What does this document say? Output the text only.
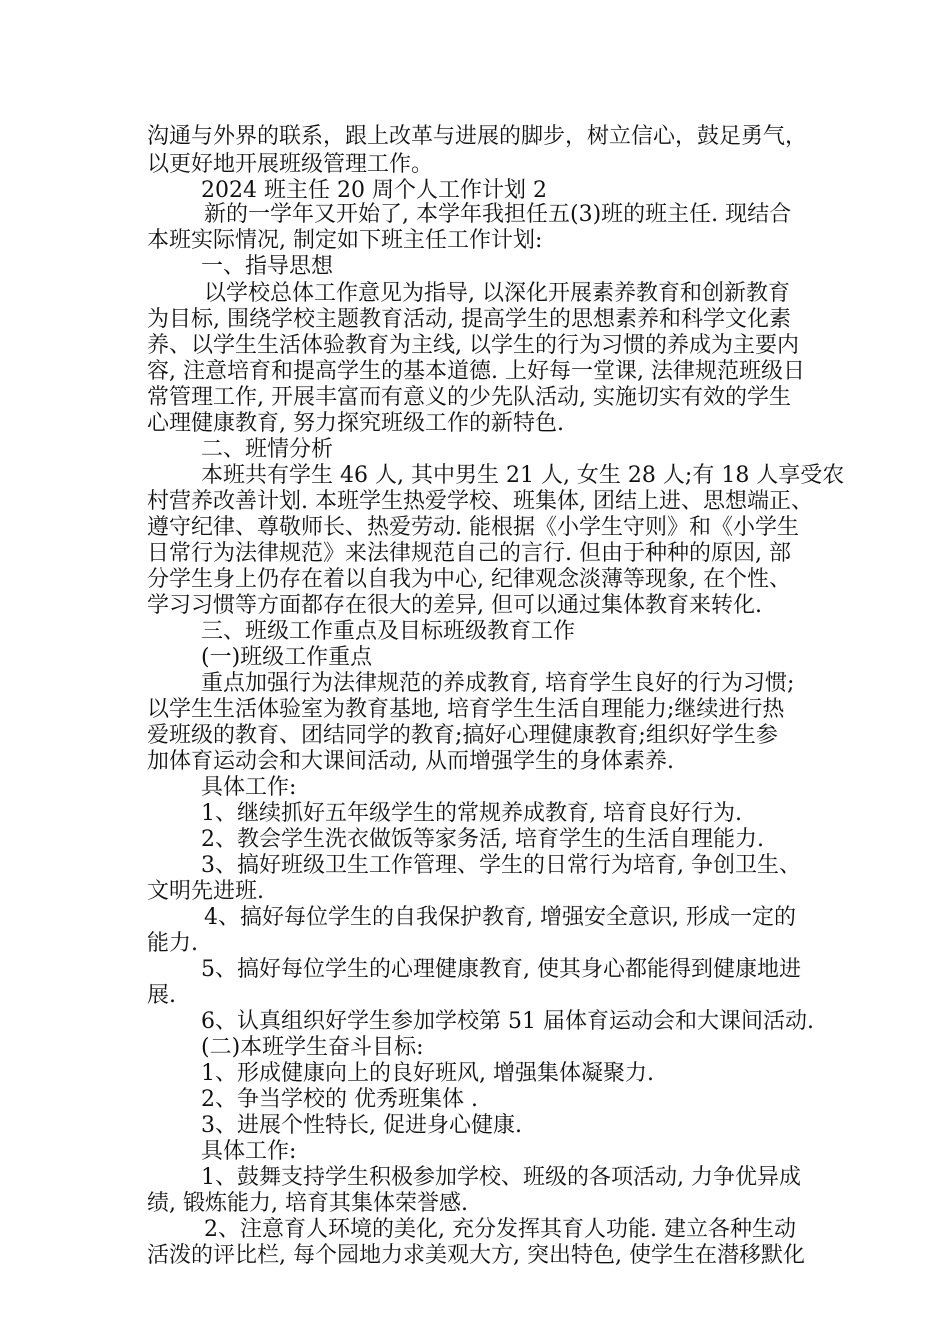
沟通与外界的联系，跟上改革与进展的脚步，树立信心，鼓足勇气，
以更好地开展班级管理工作。
2024 班主任 20 周个人工作计划 2
新的一学年又开始了, 本学年我担任五(3)班的班主任. 现结合
本班实际情况, 制定如下班主任工作计划:
一、指导思想
以学校总体工作意见为指导, 以深化开展素养教育和创新教育
为目标, 围绕学校主题教育活动, 提高学生的思想素养和科学文化素
养、以学生生活体验教育为主线, 以学生的行为习惯的养成为主要内
容, 注意培育和提高学生的基本道德. 上好每一堂课, 法律规范班级日
常管理工作, 开展丰富而有意义的少先队活动, 实施切实有效的学生
心理健康教育, 努力探究班级工作的新特色.
二、班情分析
本班共有学生 46 人, 其中男生 21 人, 女生 28 人;有 18 人享受农
村营养改善计划. 本班学生热爱学校、班集体, 团结上进、思想端正、
遵守纪律、尊敬师长、热爱劳动. 能根据《小学生守则》和《小学生
日常行为法律规范》来法律规范自己的言行. 但由于种种的原因, 部
分学生身上仍存在着以自我为中心, 纪律观念淡薄等现象, 在个性、
学习习惯等方面都存在很大的差异, 但可以通过集体教育来转化.
三、班级工作重点及目标班级教育工作
(一)班级工作重点
重点加强行为法律规范的养成教育, 培育学生良好的行为习惯;
以学生生活体验室为教育基地, 培育学生生活自理能力;继续进行热
爱班级的教育、团结同学的教育;搞好心理健康教育;组织好学生参
加体育运动会和大课间活动, 从而增强学生的身体素养.
具体工作:
1、继续抓好五年级学生的常规养成教育, 培育良好行为.
2、教会学生洗衣做饭等家务活, 培育学生的生活自理能力.
3、搞好班级卫生工作管理、学生的日常行为培育, 争创卫生、
文明先进班.
4、搞好每位学生的自我保护教育, 增强安全意识, 形成一定的
能力.
5、搞好每位学生的心理健康教育, 使其身心都能得到健康地进
展.
6、认真组织好学生参加学校第 51 届体育运动会和大课间活动.
(二)本班学生奋斗目标:
1、形成健康向上的良好班风, 增强集体凝聚力.
2、争当学校的 优秀班集体 .
3、进展个性特长, 促进身心健康.
具体工作:
1、鼓舞支持学生积极参加学校、班级的各项活动, 力争优异成
绩, 锻炼能力, 培育其集体荣誉感.
2、注意育人环境的美化, 充分发挥其育人功能. 建立各种生动
活泼的评比栏, 每个园地力求美观大方, 突出特色, 使学生在潜移默化
